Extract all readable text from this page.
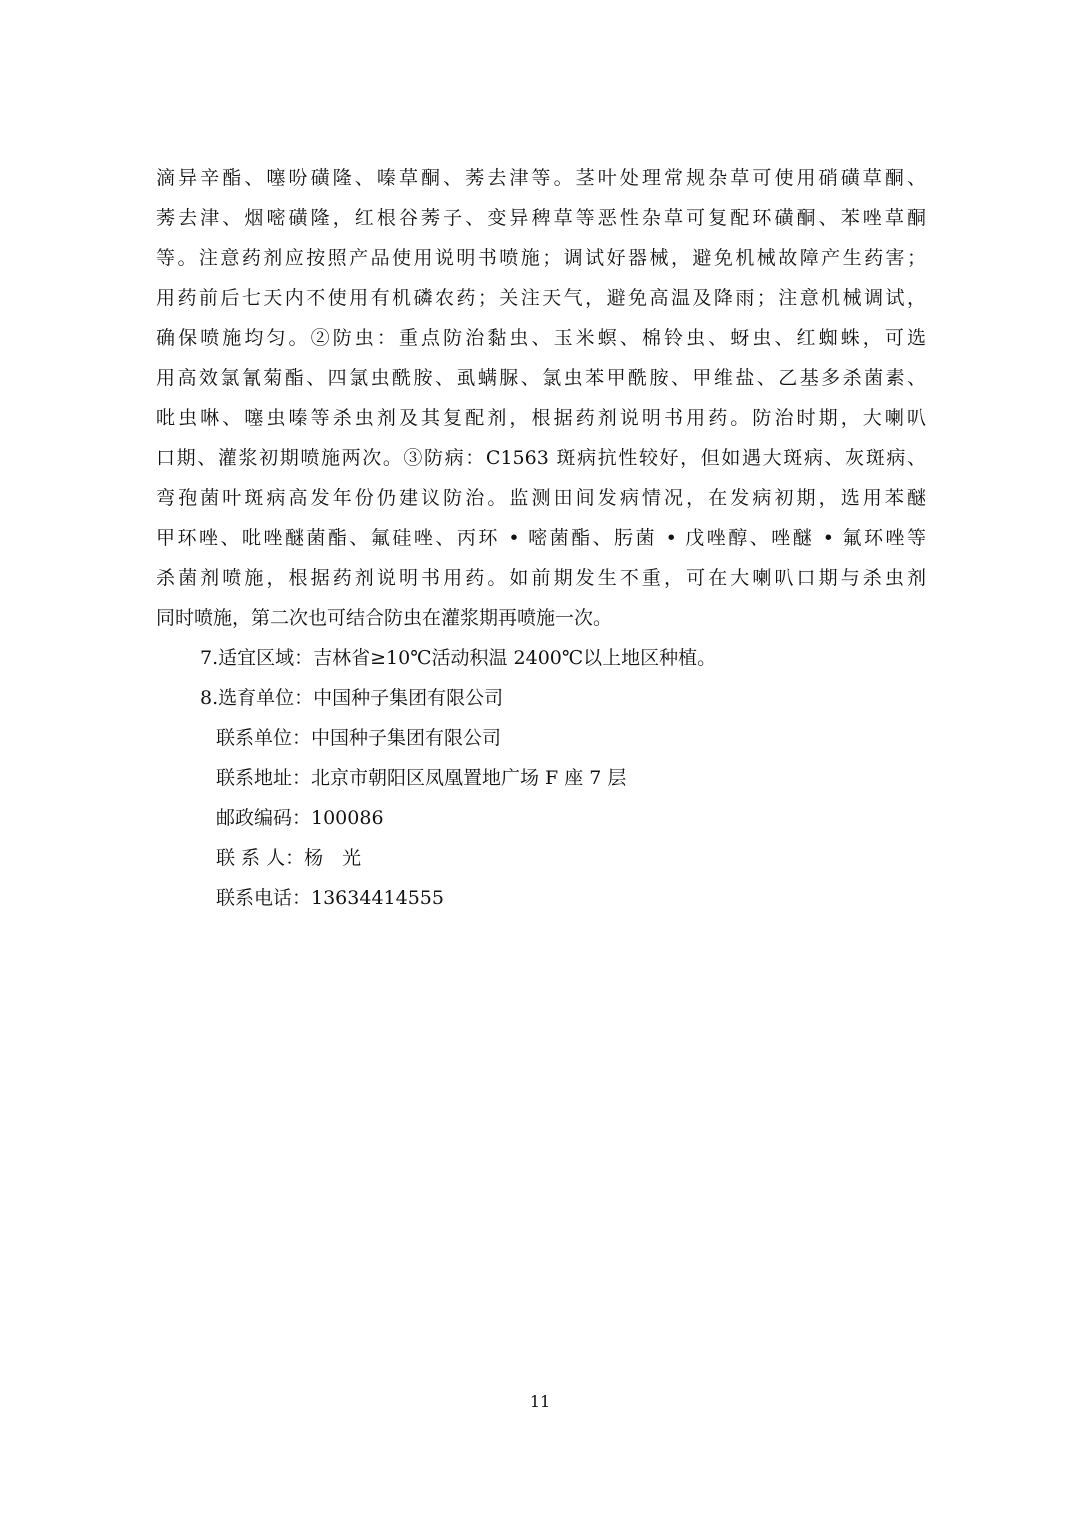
滴异辛酯、噻吩磺隆、嗪草酮、莠去津等。茎叶处理常规杂草可使用硝磺草酮、
莠去津、烟嘧磺隆，红根谷莠子、变异稗草等恶性杂草可复配环磺酮、苯唑草酮
等。注意药剂应按照产品使用说明书喷施；调试好器械，避免机械故障产生药害；
用药前后七天内不使用有机磷农药；关注天气，避免高温及降雨；注意机械调试，
确保喷施均匀。②防虫：重点防治黏虫、玉米螟、棉铃虫、蚜虫、红蜘蛛，可选
用高效氯氰菊酯、四氯虫酰胺、虱螨脲、氯虫苯甲酰胺、甲维盐、乙基多杀菌素、
吡虫啉、噻虫嗪等杀虫剂及其复配剂，根据药剂说明书用药。防治时期，大喇叭
口期、灌浆初期喷施两次。③防病：C1563 斑病抗性较好，但如遇大斑病、灰斑病、
弯孢菌叶斑病高发年份仍建议防治。监测田间发病情况，在发病初期，选用苯醚
甲环唑、吡唑醚菌酯、氟硅唑、丙环 • 嘧菌酯、肟菌 • 戊唑醇、唑醚 • 氟环唑等
杀菌剂喷施，根据药剂说明书用药。如前期发生不重，可在大喇叭口期与杀虫剂
同时喷施，第二次也可结合防虫在灌浆期再喷施一次。
7.适宜区域：吉林省≥10℃活动积温 2400℃以上地区种植。
8.选育单位：中国种子集团有限公司
联系单位：中国种子集团有限公司
联系地址：北京市朝阳区凤凰置地广场 F 座 7 层
邮政编码：100086
联 系 人：杨　光
联系电话：13634414555
11
